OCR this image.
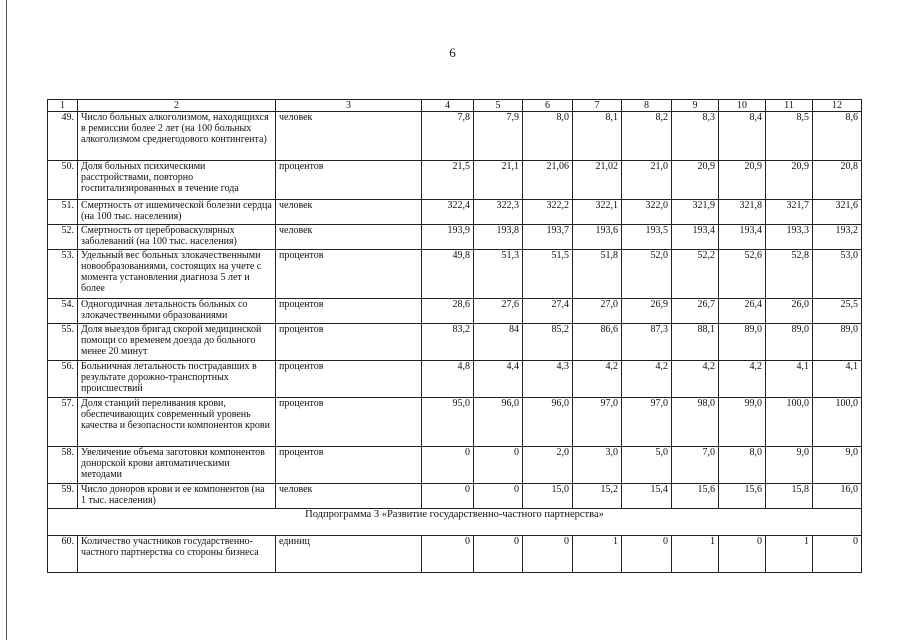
6
1	2	3	4	5	6	7	8	9	10	11	12
49.	Число больных алкоголизмом, находящихся в ремиссии более 2 лет (на 100 больных алкоголизмом среднегодового контингента)	человек	7,8	7,9	8,0	8,1	8,2	8,3	8,4	8,5	8,6
50.	Доля больных психическими расстройствами, повторно госпитализированных в течение года	процентов	21,5	21,1	21,06	21,02	21,0	20,9	20,9	20,9	20,8
51.	Смертность от ишемической болезни сердца (на 100 тыс. населения)	человек	322,4	322,3	322,2	322,1	322,0	321,9	321,8	321,7	321,6
52.	Смертность от цереброваскулярных заболеваний (на 100 тыс. населения)	человек	193,9	193,8	193,7	193,6	193,5	193,4	193,4	193,3	193,2
53.	Удельный вес больных злокачественными новообразованиями, состоящих на учете с момента установления диагноза 5 лет и более	процентов	49,8	51,3	51,5	51,8	52,0	52,2	52,6	52,8	53,0
54.	Одногодичная летальность больных со злокачественными образованиями	процентов	28,6	27,6	27,4	27,0	26,9	26,7	26,4	26,0	25,5
55.	Доля выездов бригад скорой медицинской помощи со временем доезда до больного менее 20 минут	процентов	83,2	84	85,2	86,6	87,3	88,1	89,0	89,0	89,0
56.	Больничная летальность пострадавших в результате дорожно-транспортных происшествий	процентов	4,8	4,4	4,3	4,2	4,2	4,2	4,2	4,1	4,1
57.	Доля станций переливания крови, обеспечивающих современный уровень качества и безопасности компонентов крови	процентов	95,0	96,0	96,0	97,0	97,0	98,0	99,0	100,0	100,0
58.	Увеличение объема заготовки компонентов донорской крови автоматическими методами	процентов	0	0	2,0	3,0	5,0	7,0	8,0	9,0	9,0
59.	Число доноров крови и ее компонентов (на 1 тыс. населения)	человек	0	0	15,0	15,2	15,4	15,6	15,6	15,8	16,0
Подпрограмма 3 «Развитие государственно-частного партнерства»											
60.	Количество участников государственно-частного партнерства со стороны бизнеса	единиц	0	0	0	1	0	1	0	1	0
